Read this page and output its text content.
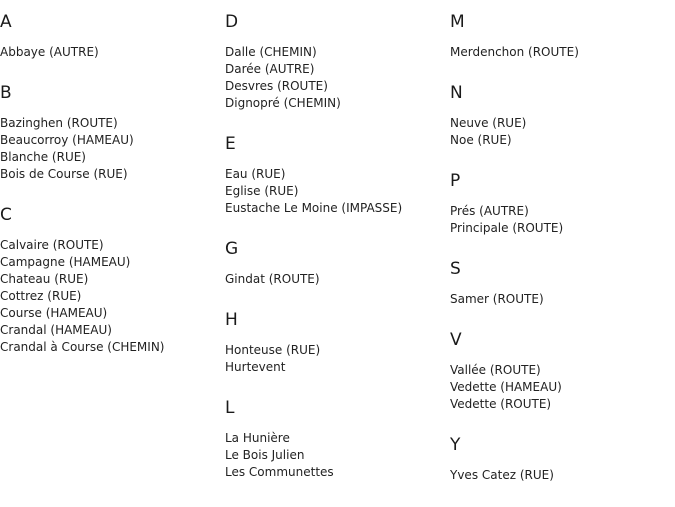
A
Abbaye (AUTRE)
B
Bazinghen (ROUTE)
Beaucorroy (HAMEAU)
Blanche (RUE)
Bois de Course (RUE)
C
Calvaire (ROUTE)
Campagne (HAMEAU)
Chateau (RUE)
Cottrez (RUE)
Course (HAMEAU)
Crandal (HAMEAU)
Crandal à Course (CHEMIN)
D
Dalle (CHEMIN)
Darée (AUTRE)
Desvres (ROUTE)
Dignopré (CHEMIN)
E
Eau (RUE)
Eglise (RUE)
Eustache Le Moine (IMPASSE)
G
Gindat (ROUTE)
H
Honteuse (RUE)
Hurtevent
L
La Hunière
Le Bois Julien
Les Communettes
M
Merdenchon (ROUTE)
N
Neuve (RUE)
Noe (RUE)
P
Prés (AUTRE)
Principale (ROUTE)
S
Samer (ROUTE)
V
Vallée (ROUTE)
Vedette (HAMEAU)
Vedette (ROUTE)
Y
Yves Catez (RUE)
